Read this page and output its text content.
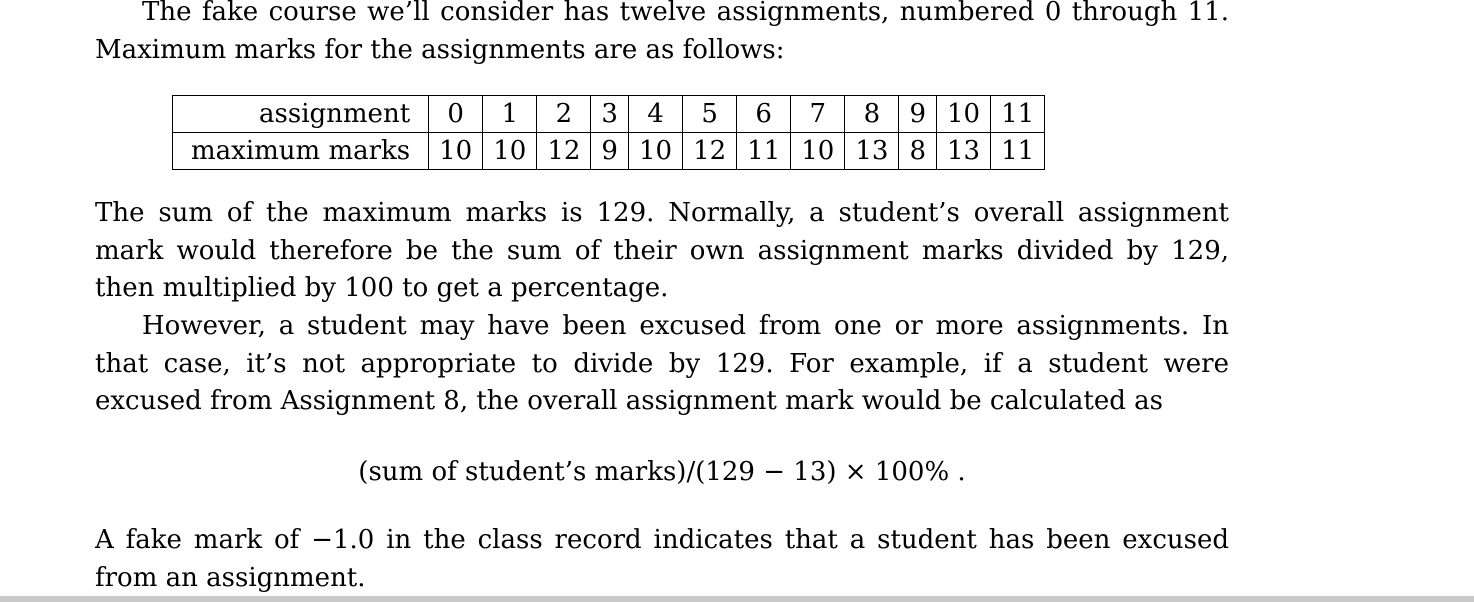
The fake course we’ll consider has twelve assignments, numbered 0 through 11. Maximum marks for the assignments are as follows:

assignment	0	1	2	3	4	5	6	7	8	9	10	11
maximum marks	10	10	12	9	10	12	11	10	13	8	13	11

The sum of the maximum marks is 129. Normally, a student’s overall assignment mark would therefore be the sum of their own assignment marks divided by 129, then multiplied by 100 to get a percentage.

However, a student may have been excused from one or more assignments. In that case, it’s not appropriate to divide by 129. For example, if a student were excused from Assignment 8, the overall assignment mark would be calculated as

(sum of student’s marks)/(129 − 13) × 100% .

A fake mark of −1.0 in the class record indicates that a student has been excused from an assignment.
